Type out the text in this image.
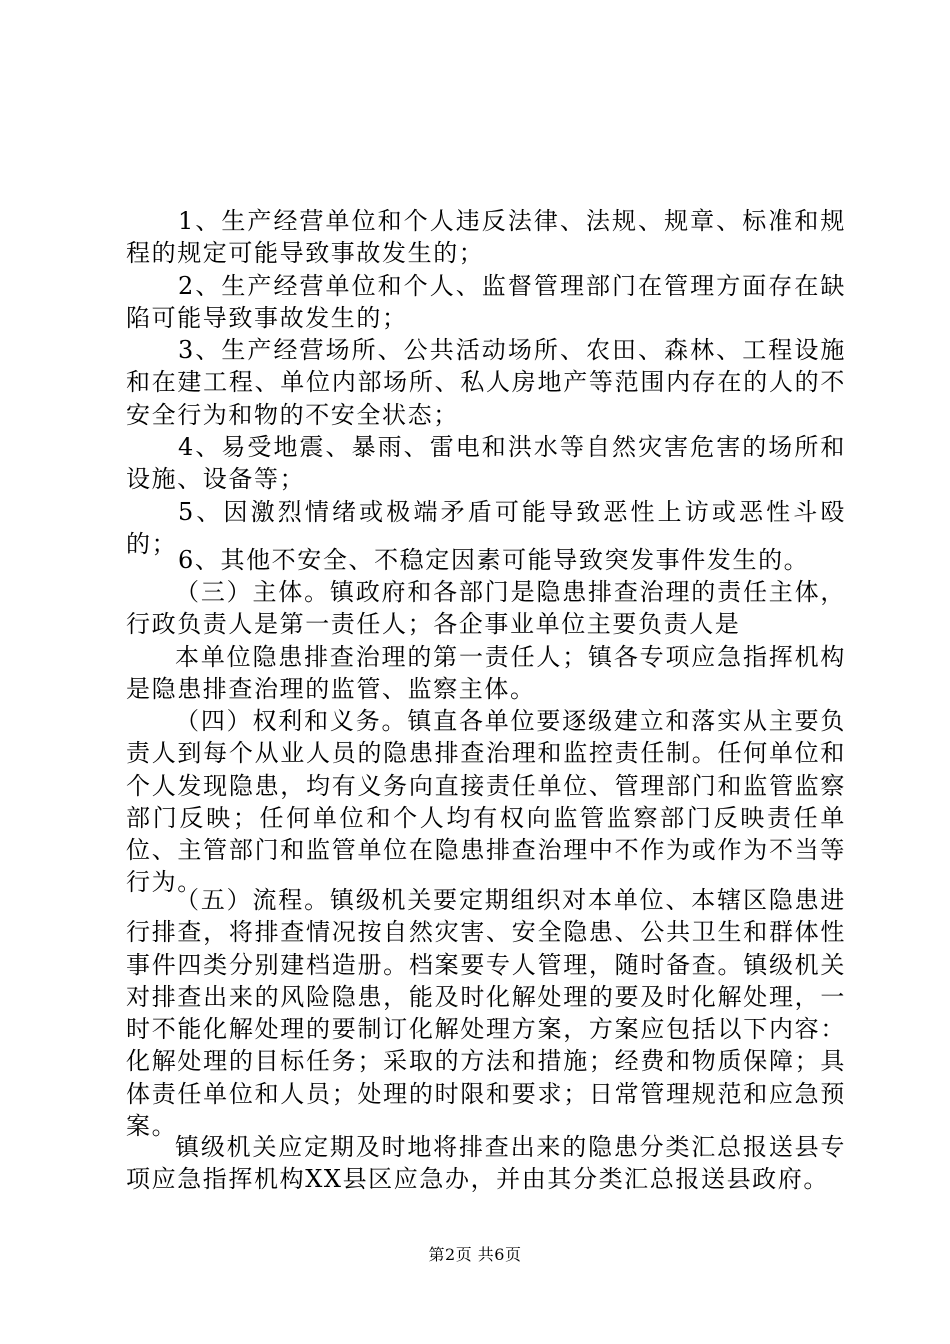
1、生产经营单位和个人违反法律、法规、规章、标准和规程的规定可能导致事故发生的；

2、生产经营单位和个人、监督管理部门在管理方面存在缺陷可能导致事故发生的；

3、生产经营场所、公共活动场所、农田、森林、工程设施和在建工程、单位内部场所、私人房地产等范围内存在的人的不安全行为和物的不安全状态；

4、易受地震、暴雨、雷电和洪水等自然灾害危害的场所和设施、设备等；

5、因激烈情绪或极端矛盾可能导致恶性上访或恶性斗殴的；

6、其他不安全、不稳定因素可能导致突发事件发生的。

（三）主体。镇政府和各部门是隐患排查治理的责任主体，行政负责人是第一责任人；各企事业单位主要负责人是

本单位隐患排查治理的第一责任人；镇各专项应急指挥机构是隐患排查治理的监管、监察主体。

（四）权利和义务。镇直各单位要逐级建立和落实从主要负责人到每个从业人员的隐患排查治理和监控责任制。任何单位和个人发现隐患，均有义务向直接责任单位、管理部门和监管监察部门反映；任何单位和个人均有权向监管监察部门反映责任单位、主管部门和监管单位在隐患排查治理中不作为或作为不当等行为。

（五）流程。镇级机关要定期组织对本单位、本辖区隐患进行排查，将排查情况按自然灾害、安全隐患、公共卫生和群体性事件四类分别建档造册。档案要专人管理，随时备查。镇级机关对排查出来的风险隐患，能及时化解处理的要及时化解处理，一时不能化解处理的要制订化解处理方案，方案应包括以下内容：化解处理的目标任务；采取的方法和措施；经费和物质保障；具体责任单位和人员；处理的时限和要求；日常管理规范和应急预案。

镇级机关应定期及时地将排查出来的隐患分类汇总报送县专项应急指挥机构XX县区应急办，并由其分类汇总报送县政府。

第2页 共6页
